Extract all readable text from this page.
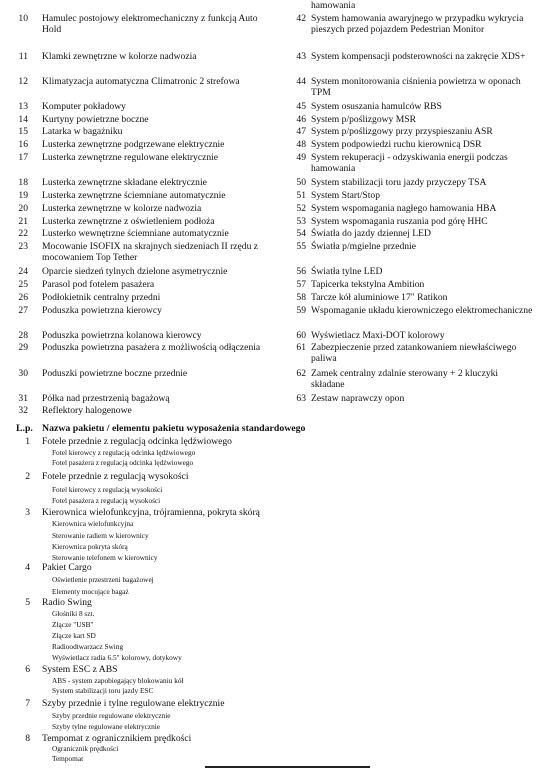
10 Hamulec postojowy elektromechaniczny z funkcją Auto Hold
11 Klamki zewnętrzne w kolorze nadwozia
12 Klimatyzacja automatyczna Climatronic 2 strefowa
13 Komputer pokładowy
14 Kurtyny powietrzne boczne
15 Latarka w bagażniku
16 Lusterka zewnętrzne podgrzewane elektrycznie
17 Lusterka zewnętrzne regulowane elektrycznie
18 Lusterka zewnętrzne składane elektrycznie
19 Lusterka zewnętrzne ściemniane automatycznie
20 Lusterka zewnętrzne w kolorze nadwozia
21 Lusterka zewnętrzne z oświetleniem podłoża
22 Lusterko wewnętrzne ściemniane automatycznie
23 Mocowanie ISOFIX na skrajnych siedzeniach II rzędu z mocowaniem Top Tether
24 Oparcie siedzeń tylnych dzielone asymetrycznie
25 Parasol pod fotelem pasażera
26 Podłokietnik centralny przedni
27 Poduszka powietrzna kierowcy
28 Poduszka powietrzna kolanowa kierowcy
29 Poduszka powietrzna pasażera z możliwością odłączenia
30 Poduszki powietrzne boczne przednie
31 Półka nad przestrzenią bagażową
32 Reflektory halogenowe
hamowania
42 System hamowania awaryjnego w przypadku wykrycia pieszych przed pojazdem Pedestrian Monitor
43 System kompensacji podsterowności na zakręcie XDS+
44 System monitorowania ciśnienia powietrza w oponach TPM
45 System osuszania hamulców RBS
46 System p/poślizgowy MSR
47 System p/poślizgowy przy przyspieszaniu ASR
48 System podpowiedzi ruchu kierownicą DSR
49 System rekuperacji - odzyskiwania energii podczas hamowania
50 System stabilizacji toru jazdy przyczepy TSA
51 System Start/Stop
52 System wspomagania nagłego hamowania HBA
53 System wspomagania ruszania pod górę HHC
54 Światła do jazdy dziennej LED
55 Światła p/mgielne przednie
56 Światła tylne LED
57 Tapicerka tekstylna Ambition
58 Tarcze kół aluminiowe 17" Ratikon
59 Wspomaganie układu kierowniczego elektromechaniczne
60 Wyświetlacz Maxi-DOT kolorowy
61 Zabezpieczenie przed zatankowaniem niewłaściwego paliwa
62 Zamek centralny zdalnie sterowany + 2 kluczyki składane
63 Zestaw naprawczy opon
L.p. Nazwa pakietu / elementu pakietu wyposażenia standardowego
1 Fotele przednie z regulacją odcinka lędźwiowego
Fotel kierowcy z regulacją odcinka lędźwiowego
Fotel pasażera z regulacją odcinka lędźwiowego
2 Fotele przednie z regulacją wysokości
Fotel kierowcy z regulacją wysokości
Fotel pasażera z regulacją wysokości
3 Kierownica wielofunkcyjna, trójramienna, pokryta skórą
Kierownica wielofunkcyjna
Sterowanie radiem w kierownicy
Kierownica pokryta skórą
Sterowanie telefonem w kierownicy
4 Pakiet Cargo
Oświetlenie przestrzeni bagażowej
Elementy mocujące bagaż
5 Radio Swing
Głośniki 8 szt.
Złącze "USB"
Złącze kart SD
Radioodtwarzacz Swing
Wyświetlacz radia 6.5" kolorowy, dotykowy
6 System ESC z ABS
ABS - system zapobiegający blokowaniu kół
System stabilizacji toru jazdy ESC
7 Szyby przednie i tylne regulowane elektrycznie
Szyby przednie regulowane elektrycznie
Szyby tylne regulowane elektrycznie
8 Tempomat z ogranicznikiem prędkości
Ogranicznik prędkości
Tempomat
